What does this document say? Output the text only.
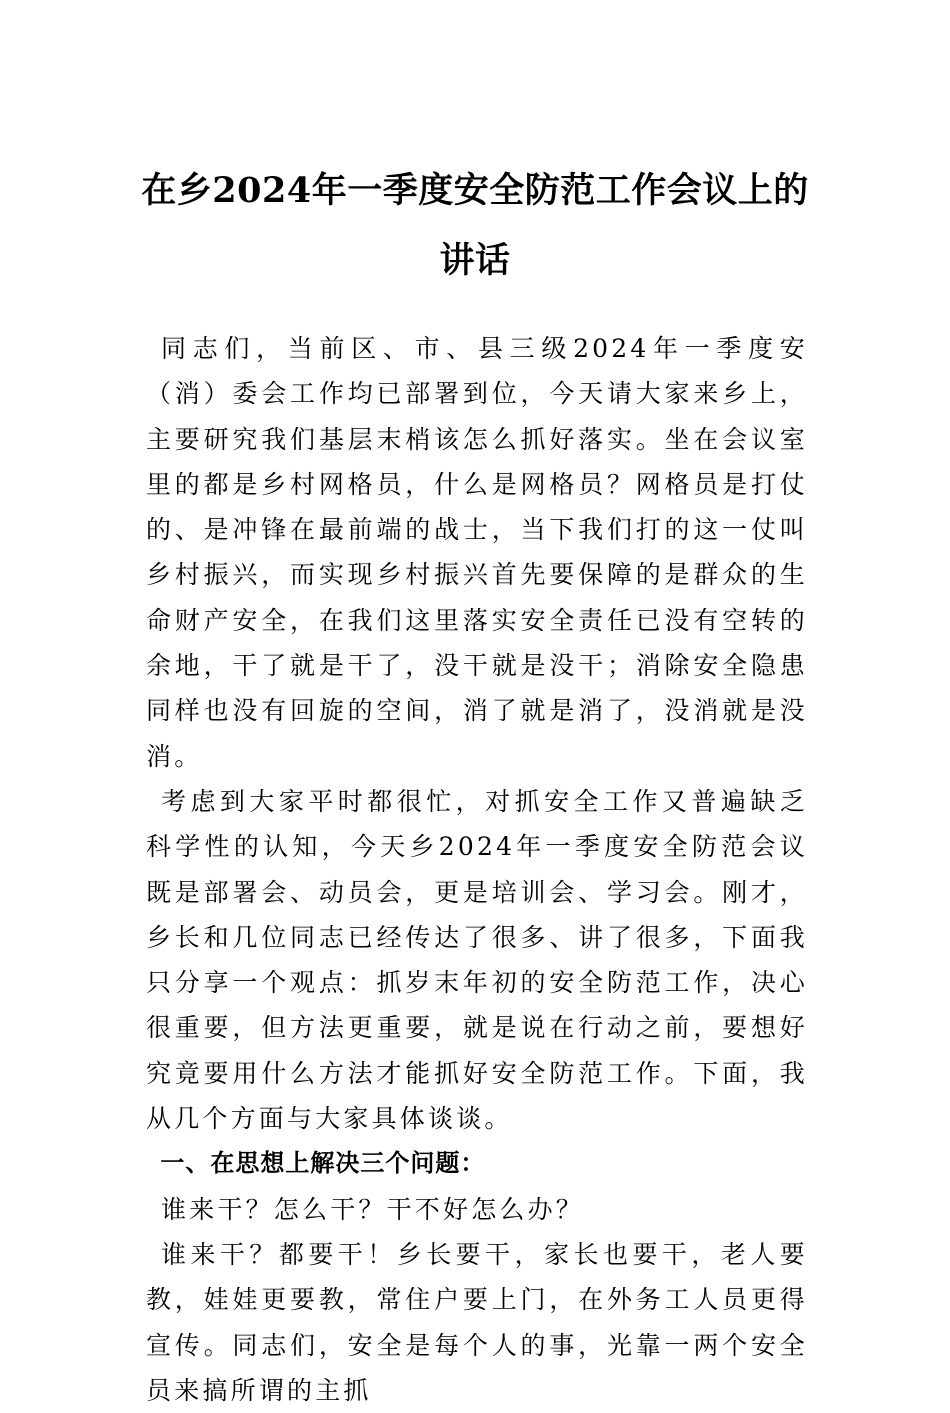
在乡2024年一季度安全防范工作会议上的
讲话

同志们，当前区、市、县三级2024年一季度安（消）委会工作均已部署到位，今天请大家来乡上，主要研究我们基层末梢该怎么抓好落实。坐在会议室里的都是乡村网格员，什么是网格员？网格员是打仗的、是冲锋在最前端的战士，当下我们打的这一仗叫乡村振兴，而实现乡村振兴首先要保障的是群众的生命财产安全，在我们这里落实安全责任已没有空转的余地，干了就是干了，没干就是没干；消除安全隐患同样也没有回旋的空间，消了就是消了，没消就是没消。

考虑到大家平时都很忙，对抓安全工作又普遍缺乏科学性的认知，今天乡2024年一季度安全防范会议既是部署会、动员会，更是培训会、学习会。刚才，乡长和几位同志已经传达了很多、讲了很多，下面我只分享一个观点：抓岁末年初的安全防范工作，决心很重要，但方法更重要，就是说在行动之前，要想好究竟要用什么方法才能抓好安全防范工作。下面，我从几个方面与大家具体谈谈。

一、在思想上解决三个问题：

谁来干？怎么干？干不好怎么办？

谁来干？都要干！乡长要干，家长也要干，老人要教，娃娃更要教，常住户要上门，在外务工人员更得宣传。同志们，安全是每个人的事，光靠一两个安全员来搞所谓的主抓
